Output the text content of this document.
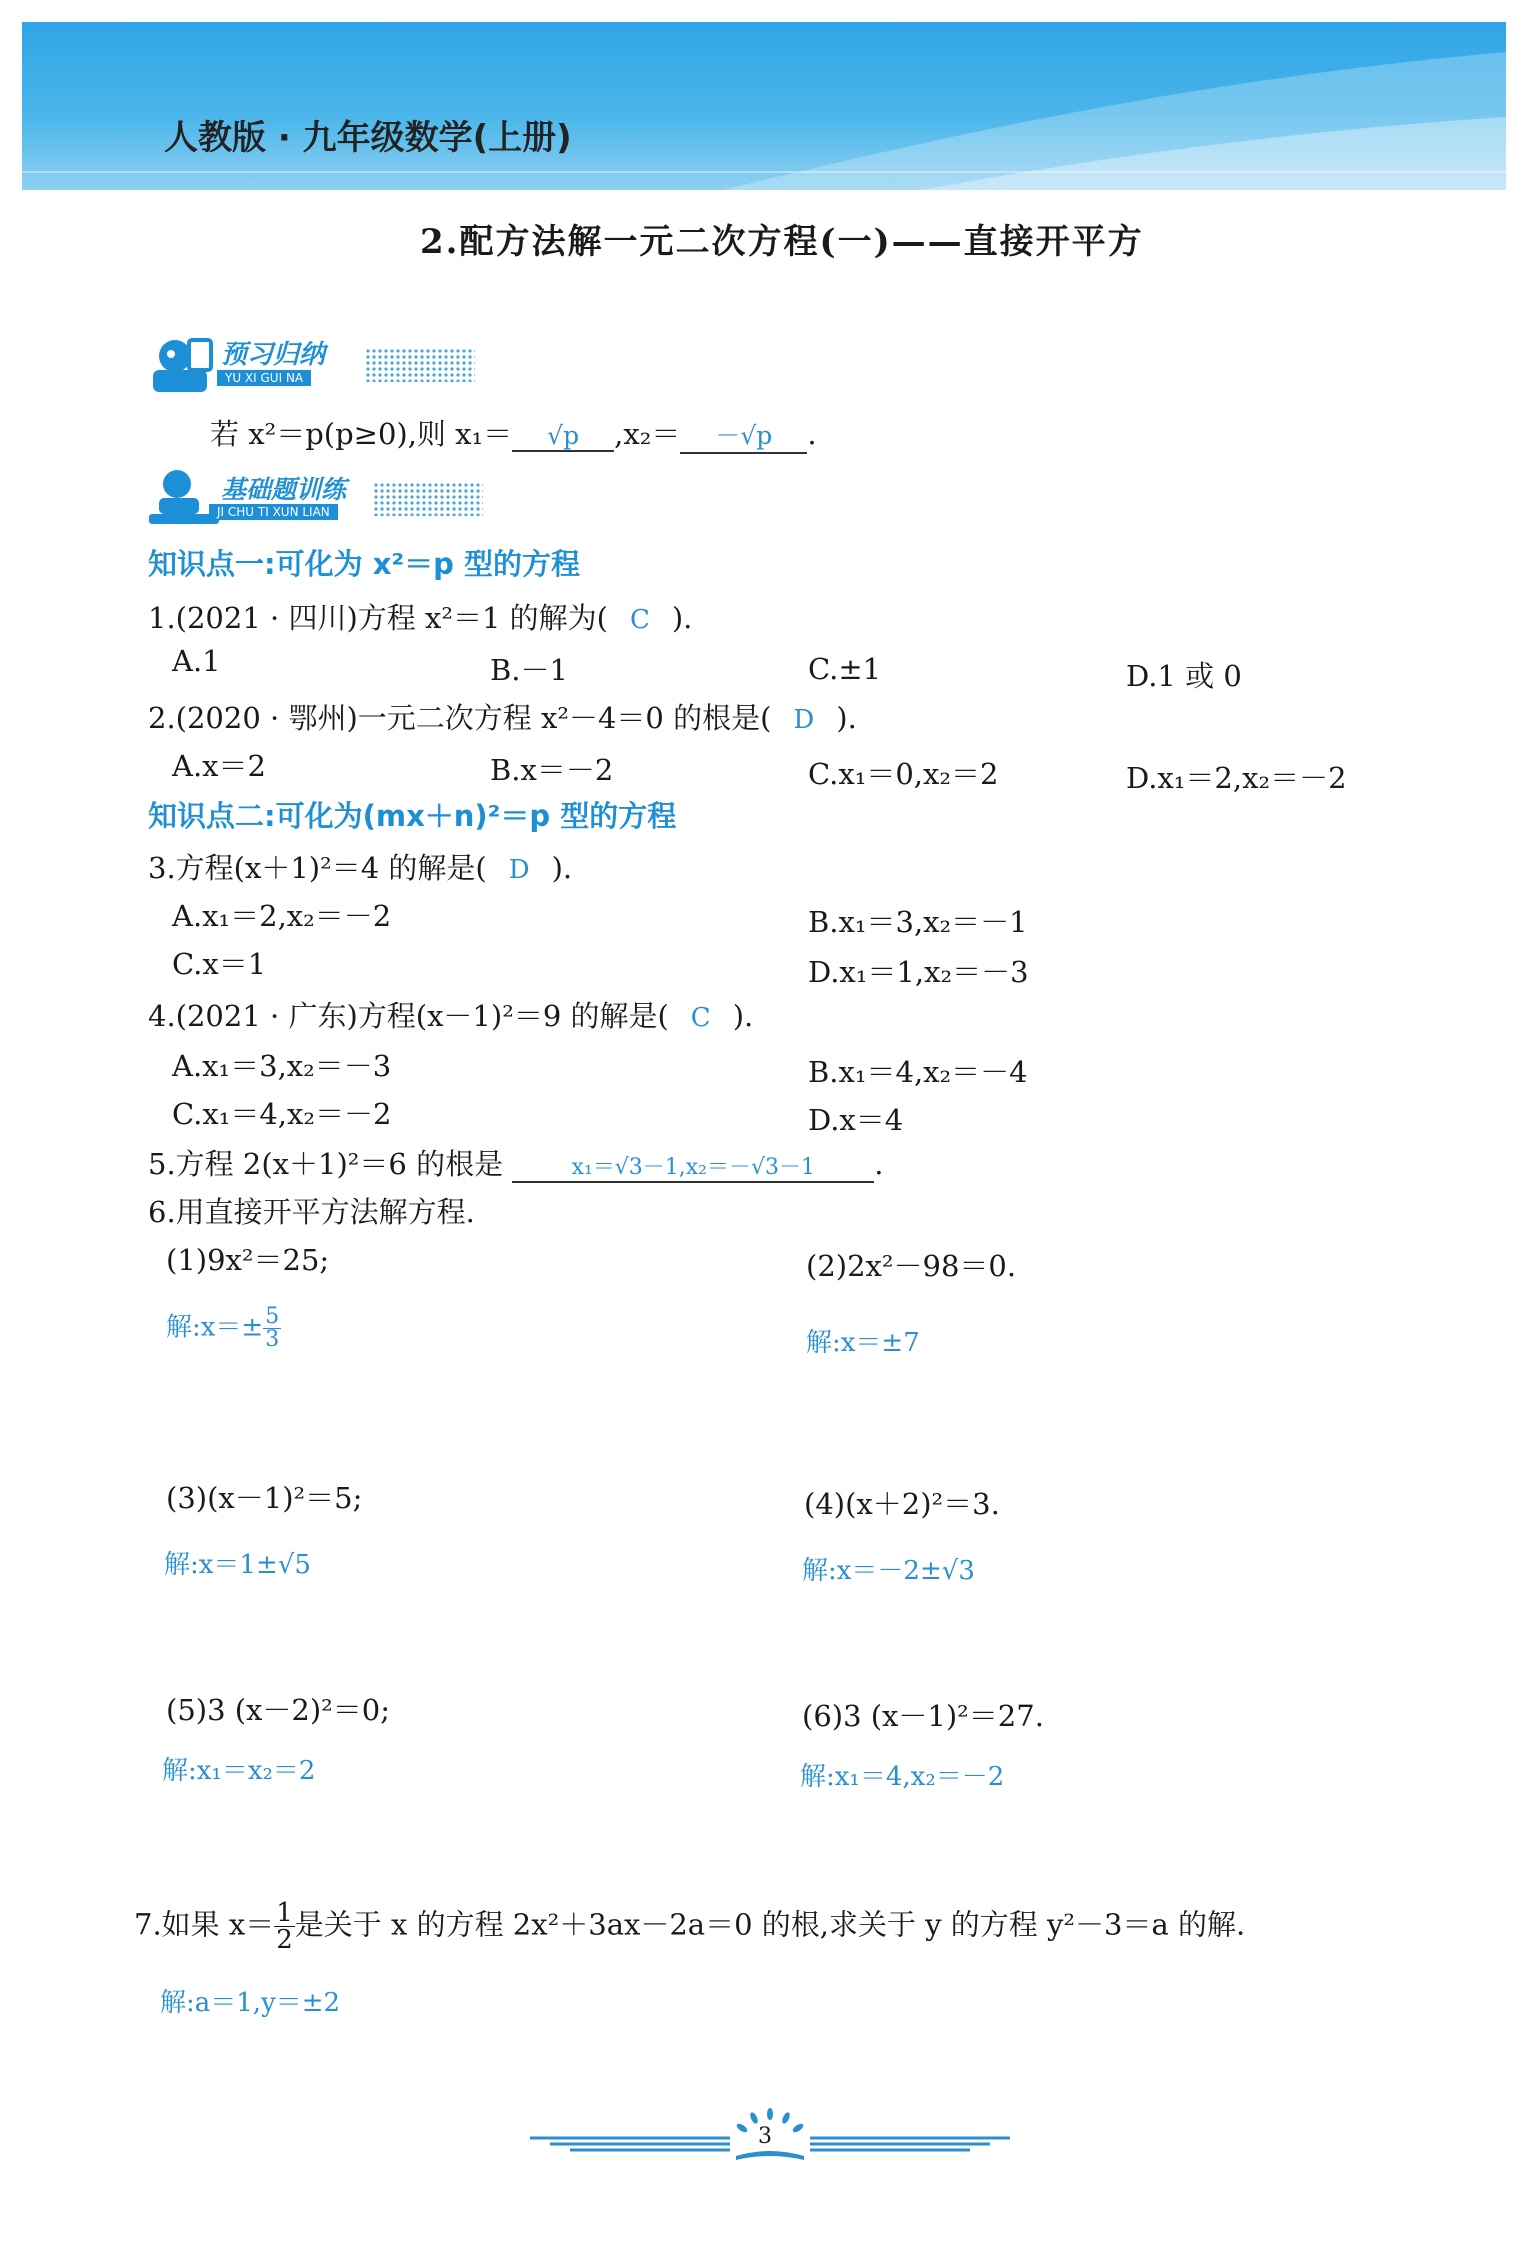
人教版 · 九年级数学(上册)
2.配方法解一元二次方程(一)——直接开平方
预习归纳
YU XI GUI NA
若 x²＝p(p≥0),则 x₁＝ √p ,x₂＝ －√p .
基础题训练
JI CHU TI XUN LIAN
知识点一:可化为 x²＝p 型的方程
1.(2021 · 四川)方程 x²＝1 的解为( C ).
A.1	B.－1	C.±1	D.1 或 0
2.(2020 · 鄂州)一元二次方程 x²－4＝0 的根是( D ).
A.x＝2	B.x＝－2	C.x₁＝0,x₂＝2	D.x₁＝2,x₂＝－2
知识点二:可化为(mx＋n)²＝p 型的方程
3.方程(x＋1)²＝4 的解是( D ).
A.x₁＝2,x₂＝－2	B.x₁＝3,x₂＝－1
C.x＝1	D.x₁＝1,x₂＝－3
4.(2021 · 广东)方程(x－1)²＝9 的解是( C ).
A.x₁＝3,x₂＝－3	B.x₁＝4,x₂＝－4
C.x₁＝4,x₂＝－2	D.x＝4
5.方程 2(x＋1)²＝6 的根是	x₁＝√3－1,x₂＝－√3－1 .
6.用直接开平方法解方程.
(1)9x²＝25;
解:x＝± $\frac{5}{3}$
(2)2x²－98＝0.
解:x＝±7
(3)(x－1)²＝5;
解:x＝1±√5
(4)(x＋2)²＝3.
解:x＝－2±√3
(5)3 (x－2)²＝0;
解:x₁＝x₂＝2
(6)3 (x－1)²＝27.
解:x₁＝4,x₂＝－2
7.如果 $x= \frac{1}{2}$ 是关于 x 的方程 2x²＋3ax－2a＝0 的根,求关于 y 的方程 y²－3＝a 的解.
解:a＝1,y＝±2
3
